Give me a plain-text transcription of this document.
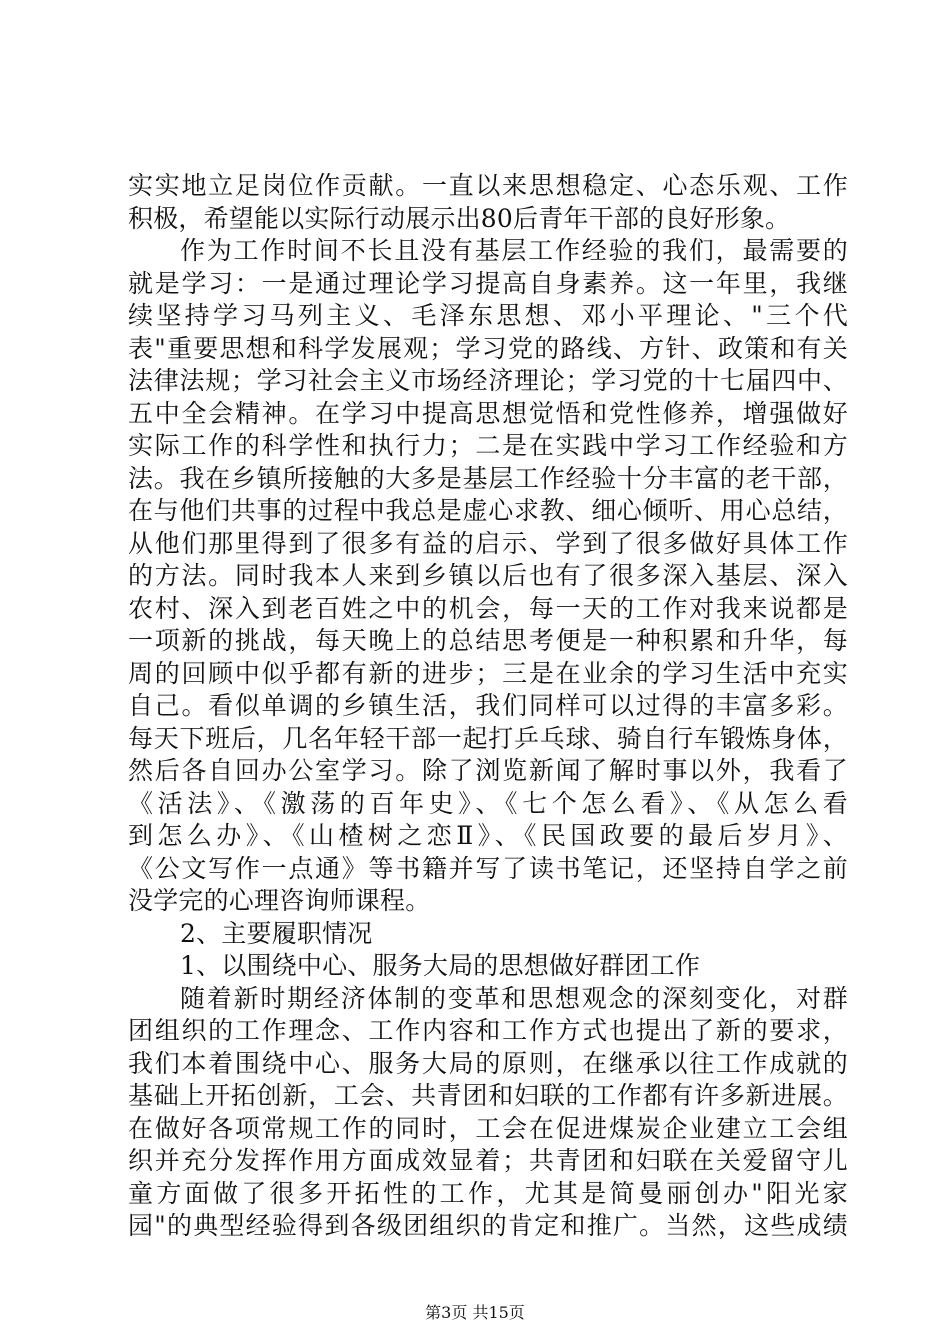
实实地立足岗位作贡献。一直以来思想稳定、心态乐观、工作
积极，希望能以实际行动展示出80后青年干部的良好形象。
作为工作时间不长且没有基层工作经验的我们，最需要的
就是学习：一是通过理论学习提高自身素养。这一年里，我继
续坚持学习马列主义、毛泽东思想、邓小平理论、"三个代
表"重要思想和科学发展观；学习党的路线、方针、政策和有关
法律法规；学习社会主义市场经济理论；学习党的十七届四中、
五中全会精神。在学习中提高思想觉悟和党性修养，增强做好
实际工作的科学性和执行力；二是在实践中学习工作经验和方
法。我在乡镇所接触的大多是基层工作经验十分丰富的老干部，
在与他们共事的过程中我总是虚心求教、细心倾听、用心总结，
从他们那里得到了很多有益的启示、学到了很多做好具体工作
的方法。同时我本人来到乡镇以后也有了很多深入基层、深入
农村、深入到老百姓之中的机会，每一天的工作对我来说都是
一项新的挑战，每天晚上的总结思考便是一种积累和升华，每
周的回顾中似乎都有新的进步；三是在业余的学习生活中充实
自己。看似单调的乡镇生活，我们同样可以过得的丰富多彩。
每天下班后，几名年轻干部一起打乒乓球、骑自行车锻炼身体，
然后各自回办公室学习。除了浏览新闻了解时事以外，我看了
《活法》、《激荡的百年史》、《七个怎么看》、《从怎么看
到怎么办》、《山楂树之恋Ⅱ》、《民国政要的最后岁月》、
《公文写作一点通》等书籍并写了读书笔记，还坚持自学之前
没学完的心理咨询师课程。
2、主要履职情况
1、以围绕中心、服务大局的思想做好群团工作
随着新时期经济体制的变革和思想观念的深刻变化，对群
团组织的工作理念、工作内容和工作方式也提出了新的要求，
我们本着围绕中心、服务大局的原则，在继承以往工作成就的
基础上开拓创新，工会、共青团和妇联的工作都有许多新进展。
在做好各项常规工作的同时，工会在促进煤炭企业建立工会组
织并充分发挥作用方面成效显着；共青团和妇联在关爱留守儿
童方面做了很多开拓性的工作，尤其是简曼丽创办"阳光家
园"的典型经验得到各级团组织的肯定和推广。当然，这些成绩
第3页 共15页
